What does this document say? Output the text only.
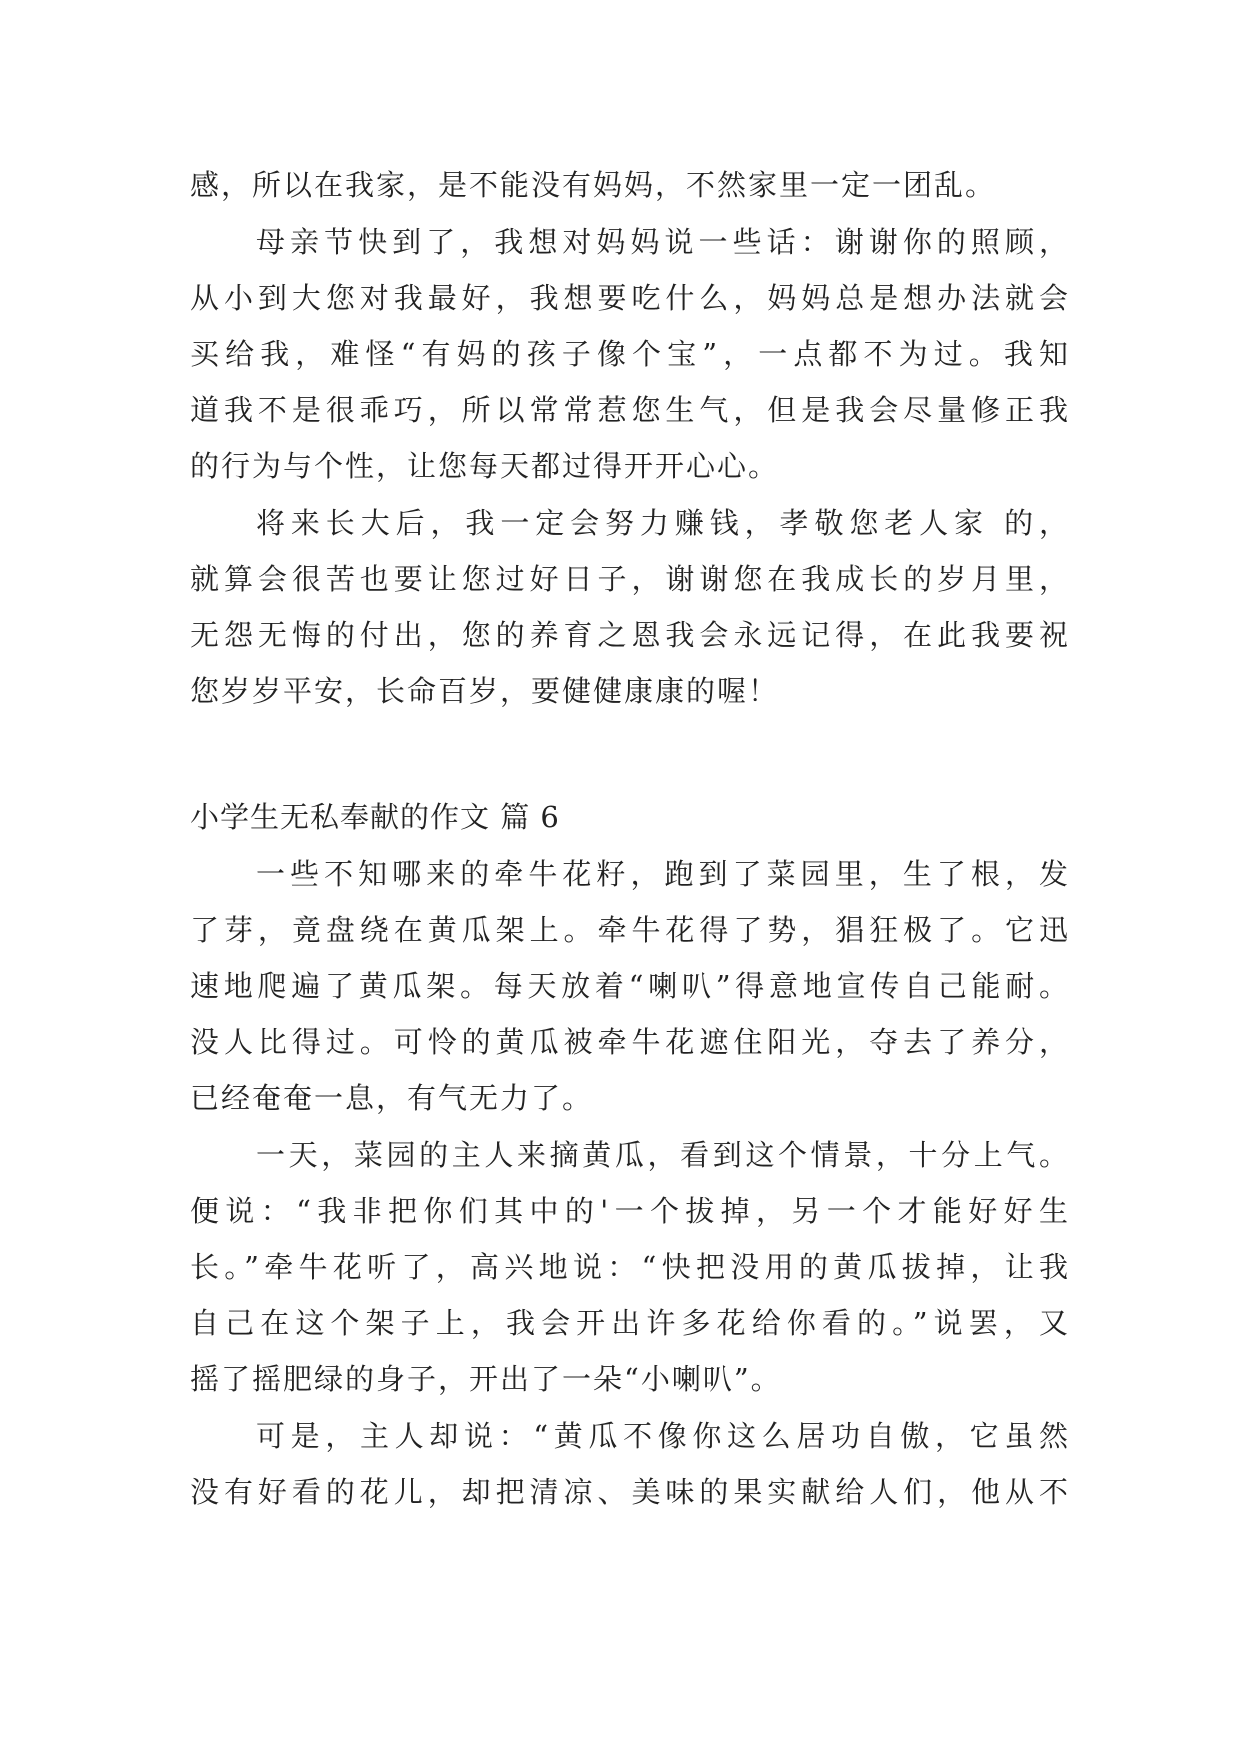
感，所以在我家，是不能没有妈妈，不然家里一定一团乱。
母亲节快到了，我想对妈妈说一些话：谢谢你的照顾，
从小到大您对我最好，我想要吃什么，妈妈总是想办法就会
买给我，难怪“有妈的孩子像个宝”，一点都不为过。我知
道我不是很乖巧，所以常常惹您生气，但是我会尽量修正我
的行为与个性，让您每天都过得开开心心。
将来长大后，我一定会努力赚钱，孝敬您老人家 的，
就算会很苦也要让您过好日子，谢谢您在我成长的岁月里，
无怨无悔的付出，您的养育之恩我会永远记得，在此我要祝
您岁岁平安，长命百岁，要健健康康的喔！
小学生无私奉献的作文 篇 6
一些不知哪来的牵牛花籽，跑到了菜园里，生了根，发
了芽，竟盘绕在黄瓜架上。牵牛花得了势，猖狂极了。它迅
速地爬遍了黄瓜架。每天放着“喇叭”得意地宣传自己能耐。
没人比得过。可怜的黄瓜被牵牛花遮住阳光，夺去了养分，
已经奄奄一息，有气无力了。
一天，菜园的主人来摘黄瓜，看到这个情景，十分上气。
便说：“我非把你们其中的'一个拔掉，另一个才能好好生
长。”牵牛花听了，高兴地说：“快把没用的黄瓜拔掉，让我
自己在这个架子上，我会开出许多花给你看的。”说罢，又
摇了摇肥绿的身子，开出了一朵“小喇叭”。
可是，主人却说：“黄瓜不像你这么居功自傲，它虽然
没有好看的花儿，却把清凉、美味的果实献给人们，他从不
